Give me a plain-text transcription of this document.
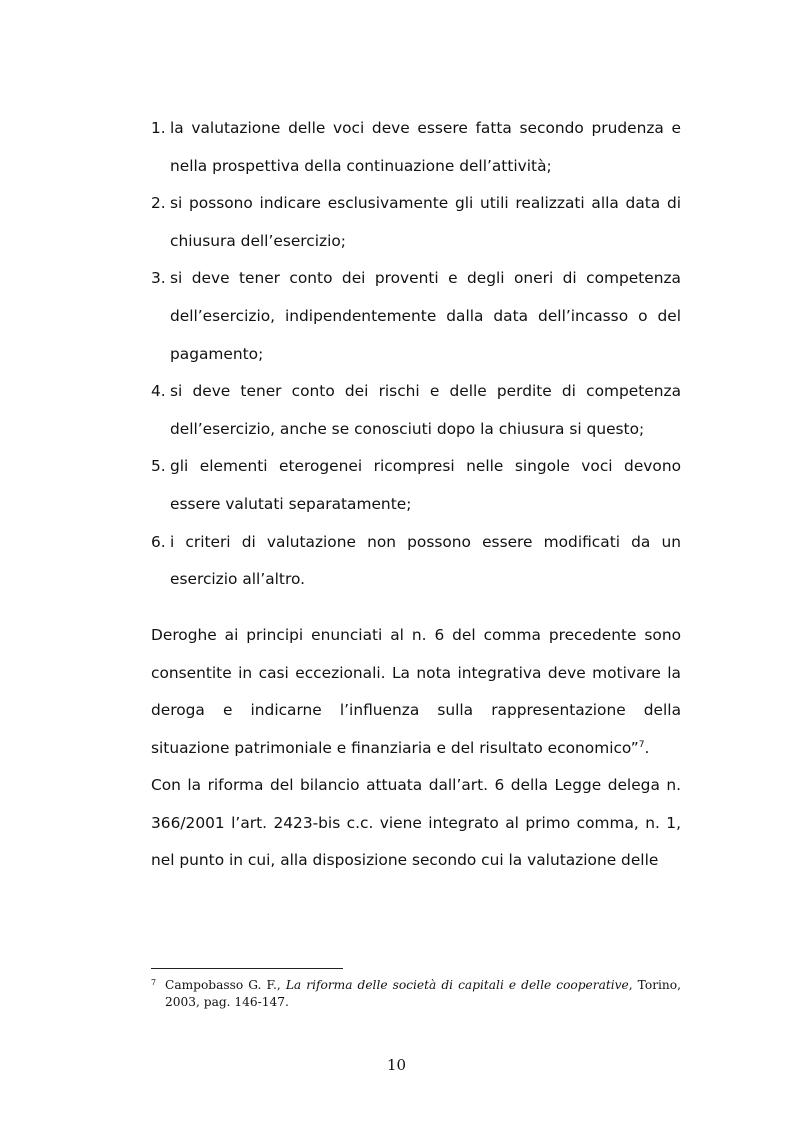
1. la valutazione delle voci deve essere fatta secondo prudenza e nella prospettiva della continuazione dell’attività;
2. si possono indicare esclusivamente gli utili realizzati alla data di chiusura dell’esercizio;
3. si deve tener conto dei proventi e degli oneri di competenza dell’esercizio, indipendentemente dalla data dell’incasso o del pagamento;
4. si deve tener conto dei rischi e delle perdite di competenza dell’esercizio, anche se conosciuti dopo la chiusura si questo;
5. gli elementi eterogenei ricompresi nelle singole voci devono essere valutati separatamente;
6. i criteri di valutazione non possono essere modificati da un esercizio all’altro.

Deroghe ai principi enunciati al n. 6 del comma precedente sono consentite in casi eccezionali. La nota integrativa deve motivare la deroga e indicarne l’influenza sulla rappresentazione della situazione patrimoniale e finanziaria e del risultato economico”$^7$.

Con la riforma del bilancio attuata dall’art. 6 della Legge delega n. 366/2001 l’art. 2423-bis c.c. viene integrato al primo comma, n. 1, nel punto in cui, alla disposizione secondo cui la valutazione delle

7 Campobasso G. F., La riforma delle società di capitali e delle cooperative, Torino, 2003, pag. 146-147.
10
